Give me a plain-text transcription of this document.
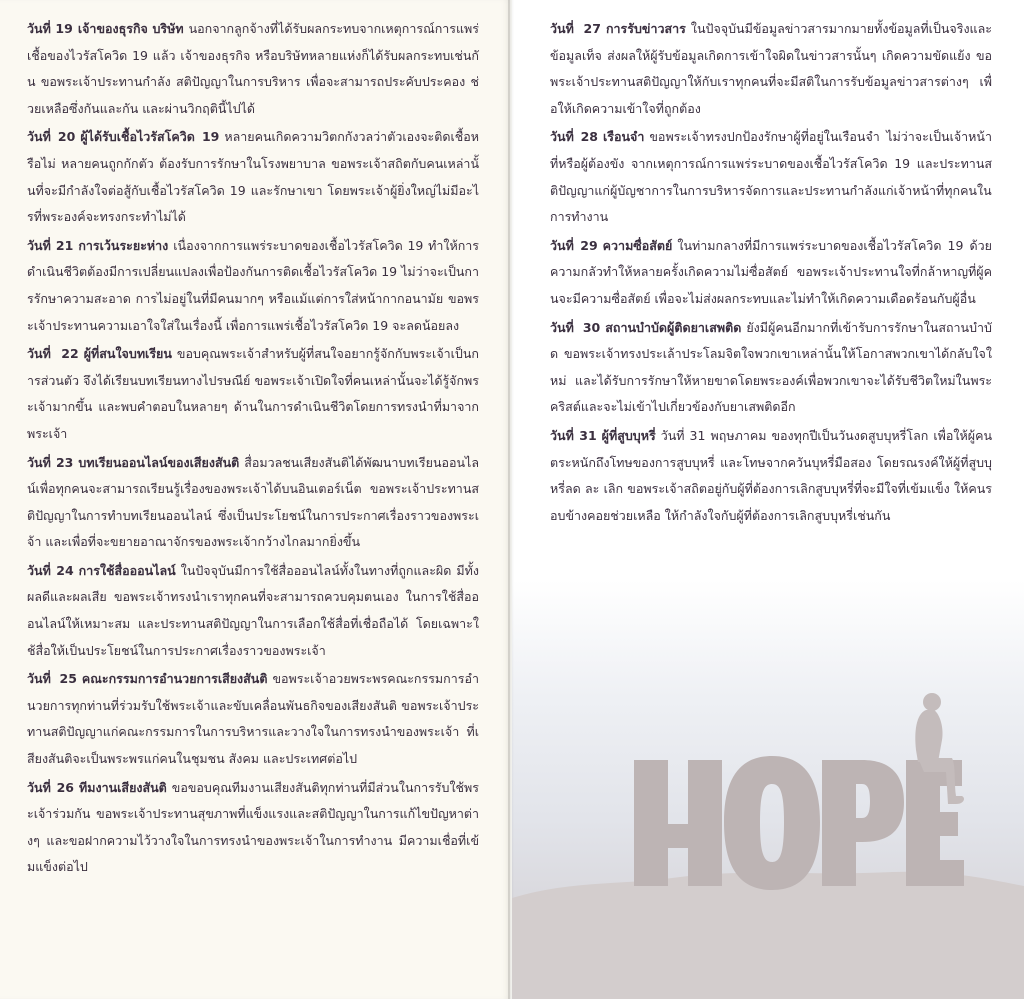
วันที่ 19 เจ้าของธุรกิจ บริษัท นอกจากลูกจ้างที่ได้รับผลกระทบจากเหตุการณ์การแพร่เชื้อของไวรัสโควิด 19 แล้ว เจ้าของธุรกิจ หรือบริษัทหลายแห่งก็ได้รับผลกระทบเช่นกัน ขอพระเจ้าประทานกำลัง สติปัญญาในการบริหาร เพื่อจะสามารถประคับประคอง ช่วยเหลือซึ่งกันและกัน และผ่านวิกฤตินี้ไปได้

วันที่ 20 ผู้ได้รับเชื้อไวรัสโควิด 19 หลายคนเกิดความวิตกกังวลว่าตัวเองจะติดเชื้อหรือไม่ หลายคนถูกกักตัว ต้องรับการรักษาในโรงพยาบาล ขอพระเจ้าสถิตกับคนเหล่านั้นที่จะมีกำลังใจต่อสู้กับเชื้อไวรัสโควิด 19 และรักษาเขา โดยพระเจ้าผู้ยิ่งใหญ่ไม่มีอะไรที่พระองค์จะทรงกระทำไม่ได้

วันที่ 21 การเว้นระยะห่าง เนื่องจากการแพร่ระบาดของเชื้อไวรัสโควิด 19 ทำให้การดำเนินชีวิตต้องมีการเปลี่ยนแปลงเพื่อป้องกันการติดเชื้อไวรัสโควิด 19 ไม่ว่าจะเป็นการรักษาความสะอาด การไม่อยู่ในที่มีคนมากๆ หรือแม้แต่การใส่หน้ากากอนามัย ขอพระเจ้าประทานความเอาใจใส่ในเรื่องนี้ เพื่อการแพร่เชื้อไวรัสโควิด 19 จะลดน้อยลง

วันที่ 22 ผู้ที่สนใจบทเรียน ขอบคุณพระเจ้าสำหรับผู้ที่สนใจอยากรู้จักกับพระเจ้าเป็นการส่วนตัว จึงได้เรียนบทเรียนทางไปรษณีย์ ขอพระเจ้าเปิดใจที่คนเหล่านั้นจะได้รู้จักพระเจ้ามากขึ้น และพบคำตอบในหลายๆ ด้านในการดำเนินชีวิตโดยการทรงนำที่มาจากพระเจ้า

วันที่ 23 บทเรียนออนไลน์ของเสียงสันติ สื่อมวลชนเสียงสันติได้พัฒนาบทเรียนออนไลน์เพื่อทุกคนจะสามารถเรียนรู้เรื่องของพระเจ้าได้บนอินเตอร์เน็ต ขอพระเจ้าประทานสติปัญญาในการทำบทเรียนออนไลน์ ซึ่งเป็นประโยชน์ในการประกาศเรื่องราวของพระเจ้า และเพื่อที่จะขยายอาณาจักรของพระเจ้ากว้างไกลมากยิ่งขึ้น

วันที่ 24 การใช้สื่อออนไลน์ ในปัจจุบันมีการใช้สื่อออนไลน์ทั้งในทางที่ถูกและผิด มีทั้งผลดีและผลเสีย ขอพระเจ้าทรงนำเราทุกคนที่จะสามารถควบคุมตนเอง ในการใช้สื่อออนไลน์ให้เหมาะสม และประทานสติปัญญาในการเลือกใช้สื่อที่เชื่อถือได้ โดยเฉพาะใช้สื่อให้เป็นประโยชน์ในการประกาศเรื่องราวของพระเจ้า

วันที่ 25 คณะกรรมการอำนวยการเสียงสันติ ขอพระเจ้าอวยพระพรคณะกรรมการอำนวยการทุกท่านที่ร่วมรับใช้พระเจ้าและขับเคลื่อนพันธกิจของเสียงสันติ ขอพระเจ้าประทานสติปัญญาแก่คณะกรรมการในการบริหารและวางใจในการทรงนำของพระเจ้า ที่เสียงสันติจะเป็นพระพรแก่คนในชุมชน สังคม และประเทศต่อไป

วันที่ 26 ทีมงานเสียงสันติ ขอขอบคุณทีมงานเสียงสันติทุกท่านที่มีส่วนในการรับใช้พระเจ้าร่วมกัน ขอพระเจ้าประทานสุขภาพที่แข็งแรงและสติปัญญาในการแก้ไขปัญหาต่างๆ และขอฝากความไว้วางใจในการทรงนำของพระเจ้าในการทำงาน มีความเชื่อที่เข้มแข็งต่อไป

วันที่ 27 การรับข่าวสาร ในปัจจุบันมีข้อมูลข่าวสารมากมายทั้งข้อมูลที่เป็นจริงและข้อมูลเท็จ ส่งผลให้ผู้รับข้อมูลเกิดการเข้าใจผิดในข่าวสารนั้นๆ เกิดความขัดแย้ง ขอพระเจ้าประทานสติปัญญาให้กับเราทุกคนที่จะมีสติในการรับข้อมูลข่าวสารต่างๆ เพื่อให้เกิดความเข้าใจที่ถูกต้อง

วันที่ 28 เรือนจำ ขอพระเจ้าทรงปกป้องรักษาผู้ที่อยู่ในเรือนจำ ไม่ว่าจะเป็นเจ้าหน้าที่หรือผู้ต้องขัง จากเหตุการณ์การแพร่ระบาดของเชื้อไวรัสโควิด 19 และประทานสติปัญญาแก่ผู้บัญชาการในการบริหารจัดการและประทานกำลังแก่เจ้าหน้าที่ทุกคนในการทำงาน

วันที่ 29 ความซื่อสัตย์ ในท่ามกลางที่มีการแพร่ระบาดของเชื้อไวรัสโควิด 19 ด้วยความกลัวทำให้หลายครั้งเกิดความไม่ซื่อสัตย์ ขอพระเจ้าประทานใจที่กล้าหาญที่ผู้คนจะมีความซื่อสัตย์ เพื่อจะไม่ส่งผลกระทบและไม่ทำให้เกิดความเดือดร้อนกับผู้อื่น

วันที่ 30 สถานบำบัดผู้ติดยาเสพติด ยังมีผู้คนอีกมากที่เข้ารับการรักษาในสถานบำบัด ขอพระเจ้าทรงประเล้าประโลมจิตใจพวกเขาเหล่านั้นให้โอกาสพวกเขาได้กลับใจใหม่ และได้รับการรักษาให้หายขาดโดยพระองค์เพื่อพวกเขาจะได้รับชีวิตใหม่ในพระคริสต์และจะไม่เข้าไปเกี่ยวข้องกับยาเสพติดอีก

วันที่ 31 ผู้ที่สูบบุหรี่ วันที่ 31 พฤษภาคม ของทุกปีเป็นวันงดสูบบุหรี่โลก เพื่อให้ผู้คนตระหนักถึงโทษของการสูบบุหรี่ และโทษจากควันบุหรี่มือสอง โดยรณรงค์ให้ผู้ที่สูบบุหรี่ลด ละ เลิก ขอพระเจ้าสถิตอยู่กับผู้ที่ต้องการเลิกสูบบุหรี่ที่จะมีใจที่เข้มแข็ง ให้คนรอบข้างคอยช่วยเหลือ ให้กำลังใจกับผู้ที่ต้องการเลิกสูบบุหรี่เช่นกัน
